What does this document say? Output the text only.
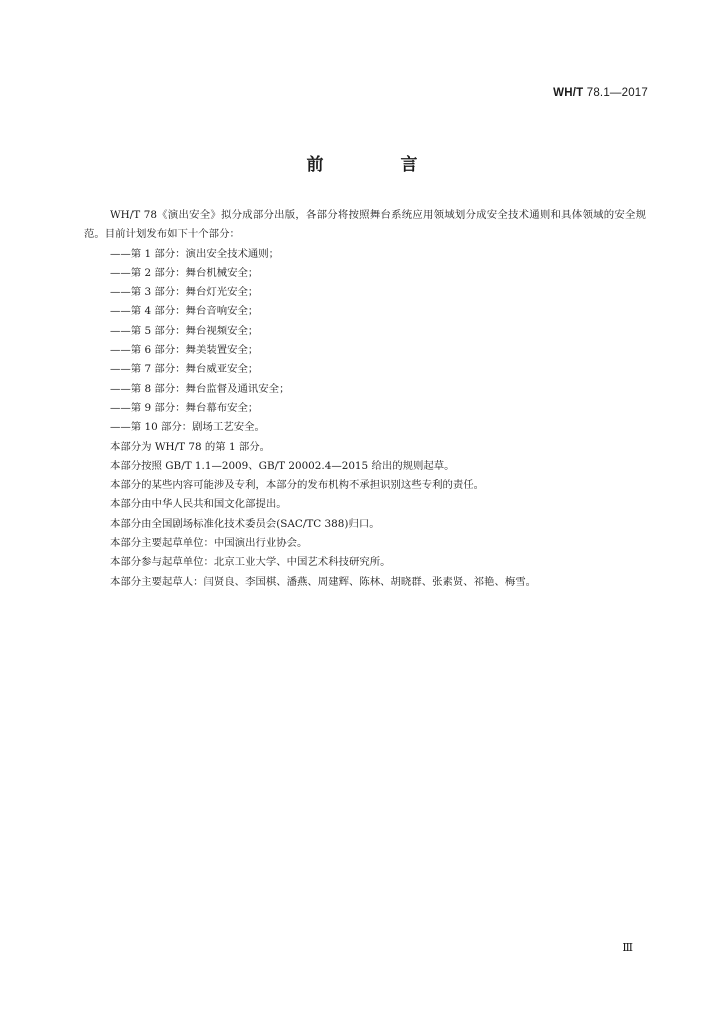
WH/T 78.1—2017
前　言

WH/T 78《演出安全》拟分成部分出版，各部分将按照舞台系统应用领域划分成安全技术通则和具体领域的安全规范。目前计划发布如下十个部分：

——第 1 部分：演出安全技术通则；

——第 2 部分：舞台机械安全；

——第 3 部分：舞台灯光安全；

——第 4 部分：舞台音响安全；

——第 5 部分：舞台视频安全；

——第 6 部分：舞美装置安全；

——第 7 部分：舞台威亚安全；

——第 8 部分：舞台监督及通讯安全；

——第 9 部分：舞台幕布安全；

——第 10 部分：剧场工艺安全。

本部分为 WH/T 78 的第 1 部分。

本部分按照 GB/T 1.1—2009、GB/T 20002.4—2015 给出的规则起草。

本部分的某些内容可能涉及专利，本部分的发布机构不承担识别这些专利的责任。

本部分由中华人民共和国文化部提出。

本部分由全国剧场标准化技术委员会(SAC/TC 388)归口。

本部分主要起草单位：中国演出行业协会。

本部分参与起草单位：北京工业大学、中国艺术科技研究所。

本部分主要起草人：闫贤良、李国棋、潘燕、周建辉、陈林、胡晓群、张素贤、祁艳、梅雪。

Ⅲ
